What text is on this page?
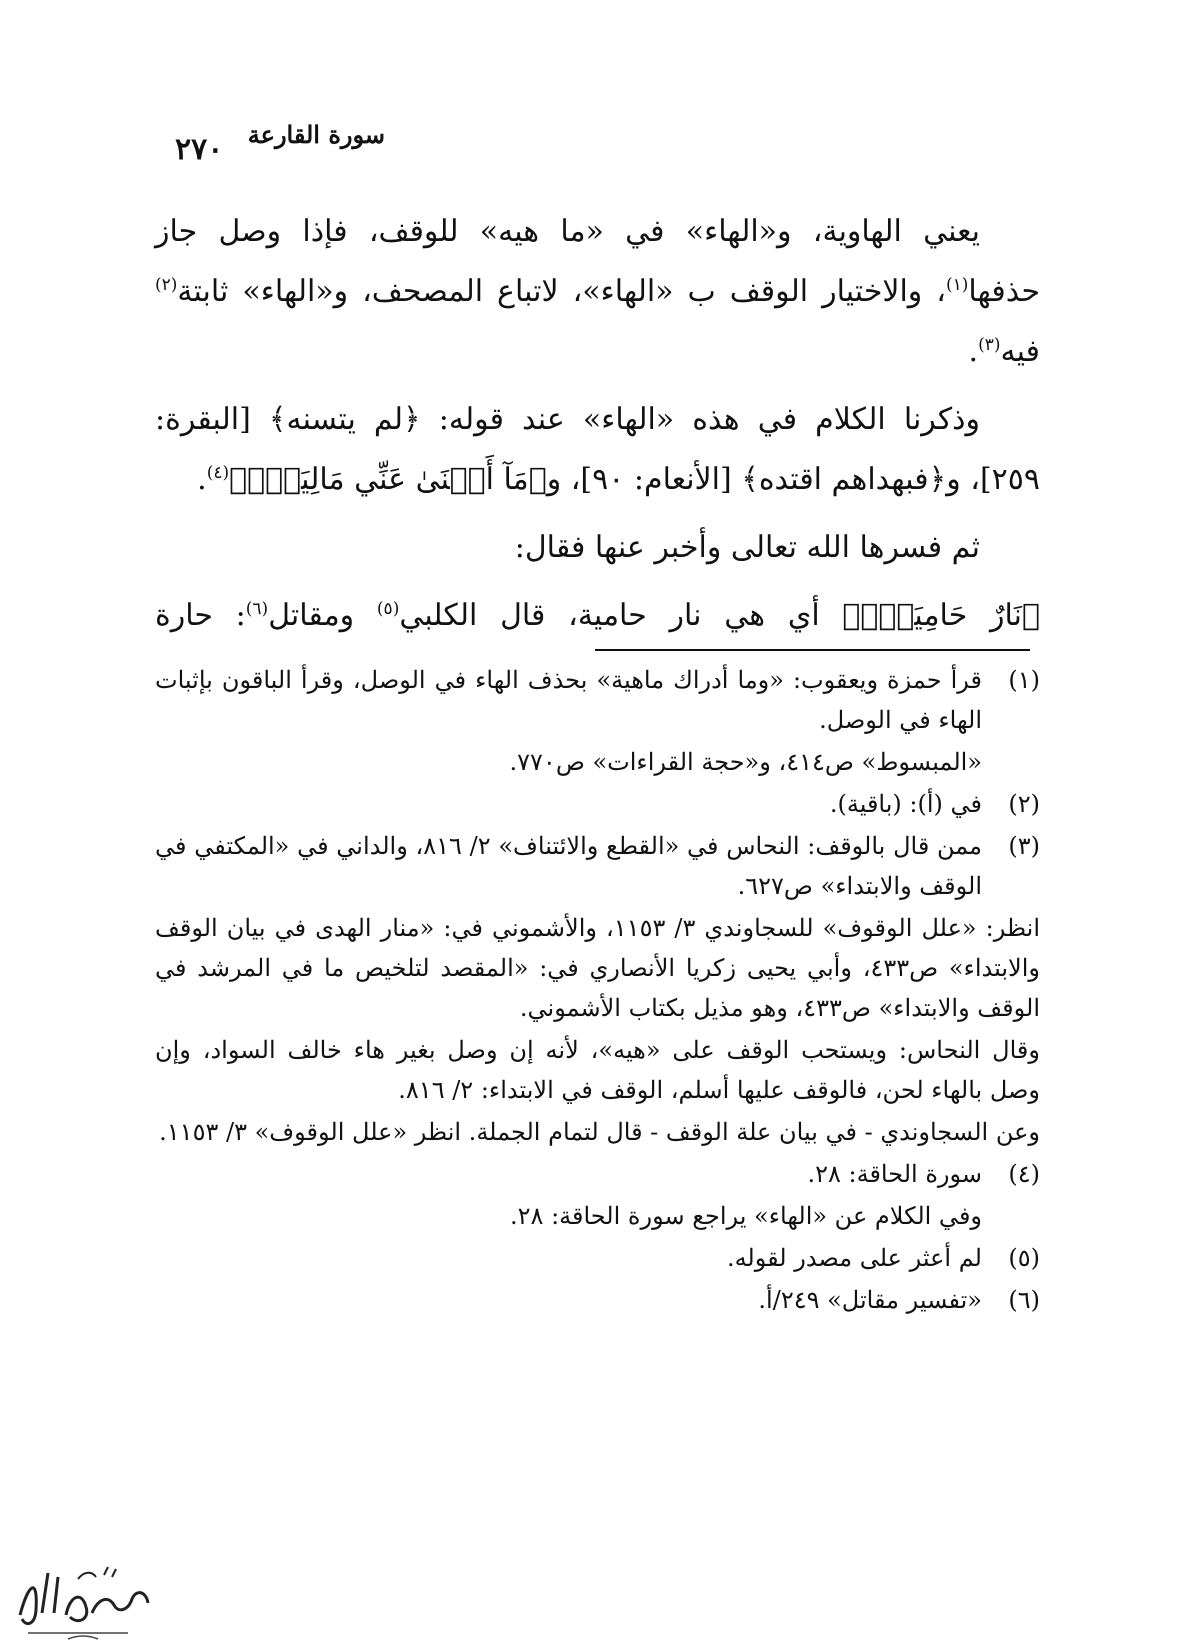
٢٧٠ سورة القارعة

يعني الهاوية، و«الهاء» في «ما هيه» للوقف، فإذا وصل جاز حذفها$^{(١)}$، والاختيار الوقف ب «الهاء»، لاتباع المصحف، و«الهاء» ثابتة$^{(٢)}$ فيه$^{(٣)}$.

وذكرنا الكلام في هذه «الهاء» عند قوله: ﴿لم يتسنه﴾ [البقرة: ٢٥٩]، و﴿فبهداهم اقتده﴾ [الأنعام: ٩٠]، و﴿مَآ أَغۡنَىٰ عَنِّي مَالِيَهۡۜ﴾$^{(٤)}$.

ثم فسرها الله تعالى وأخبر عنها فقال:

﴿نَارٌ حَامِيَةُۢ﴾ أي هي نار حامية، قال الكلبي$^{(٥)}$ ومقاتل$^{(٦)}$: حارة

(١)

قرأ حمزة ويعقوب: «وما أدراك ماهية» بحذف الهاء في الوصل، وقرأ الباقون بإثبات الهاء في الوصل.

«المبسوط» ص٤١٤، و«حجة القراءات» ص٧٧٠.

(٢)

في (أ): (باقية).

(٣)

ممن قال بالوقف: النحاس في «القطع والائتناف» ٢/ ٨١٦، والداني في «المكتفي في الوقف والابتداء» ص٦٢٧.

انظر: «علل الوقوف» للسجاوندي ٣/ ١١٥٣، والأشموني في: «منار الهدى في بيان الوقف والابتداء» ص٤٣٣، وأبي يحيى زكريا الأنصاري في: «المقصد لتلخيص ما في المرشد في الوقف والابتداء» ص٤٣٣، وهو مذيل بكتاب الأشموني.

وقال النحاس: ويستحب الوقف على «هيه»، لأنه إن وصل بغير هاء خالف السواد، وإن وصل بالهاء لحن، فالوقف عليها أسلم، الوقف في الابتداء: ٢/ ٨١٦.

وعن السجاوندي - في بيان علة الوقف - قال لتمام الجملة. انظر «علل الوقوف» ٣/ ١١٥٣.

(٤)

سورة الحاقة: ٢٨.

وفي الكلام عن «الهاء» يراجع سورة الحاقة: ٢٨.

(٥)

لم أعثر على مصدر لقوله.

(٦)

«تفسير مقاتل» ٢٤٩/أ.
